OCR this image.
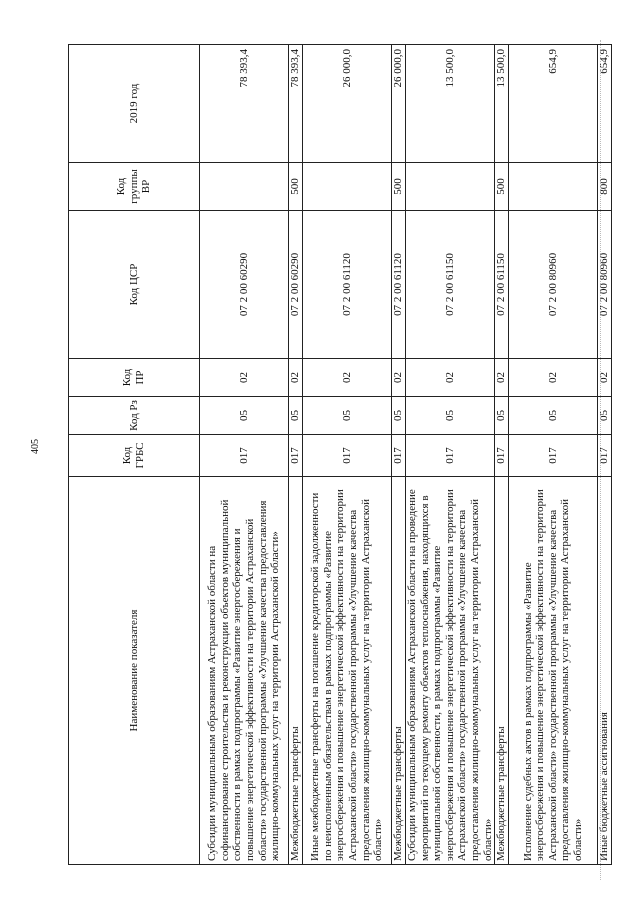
405
Наименование показателя	Код ГРБС	Код Рз	Код ПР	Код ЦСР	Код группы ВР	2019 год
Субсидии муниципальным образованиям Астраханской области на софинансирование строительства и реконструкции объектов муниципальной собственности в рамках подпрограммы «Развитие энергосбережения и повышение энергетической эффективности на территории Астраханской области» государственной программы «Улучшение качества предоставления жилищно-коммунальных услуг на территории Астраханской области»	017	05	02	07 2 00 60290		78 393,4
Межбюджетные трансферты	017	05	02	07 2 00 60290	500	78 393,4
Иные межбюджетные трансферты на погашение кредиторской задолженности по неисполненным обязательствам в рамках подпрограммы «Развитие энергосбережения и повышение энергетической эффективности на территории Астраханской области» государственной программы «Улучшение качества предоставления жилищно-коммунальных услуг на территории Астраханской области»	017	05	02	07 2 00 61120		26 000,0
Межбюджетные трансферты	017	05	02	07 2 00 61120	500	26 000,0
Субсидии муниципальным образованиям Астраханской области на проведение мероприятий по текущему ремонту объектов теплоснабжения, находящихся в муниципальной собственности, в рамках подпрограммы «Развитие энергосбережения и повышение энергетической эффективности на территории Астраханской области» государственной программы «Улучшение качества предоставления жилищно-коммунальных услуг на территории Астраханской области»	017	05	02	07 2 00 61150		13 500,0
Межбюджетные трансферты	017	05	02	07 2 00 61150	500	13 500,0
Исполнение судебных актов в рамках подпрограммы «Развитие энергосбережения и повышение энергетической эффективности на территории Астраханской области» государственной программы «Улучшение качества предоставления жилищно-коммунальных услуг на территории Астраханской области»	017	05	02	07 2 00 80960		654,9
Иные бюджетные ассигнования	017	05	02	07 2 00 80960	800	654,9
